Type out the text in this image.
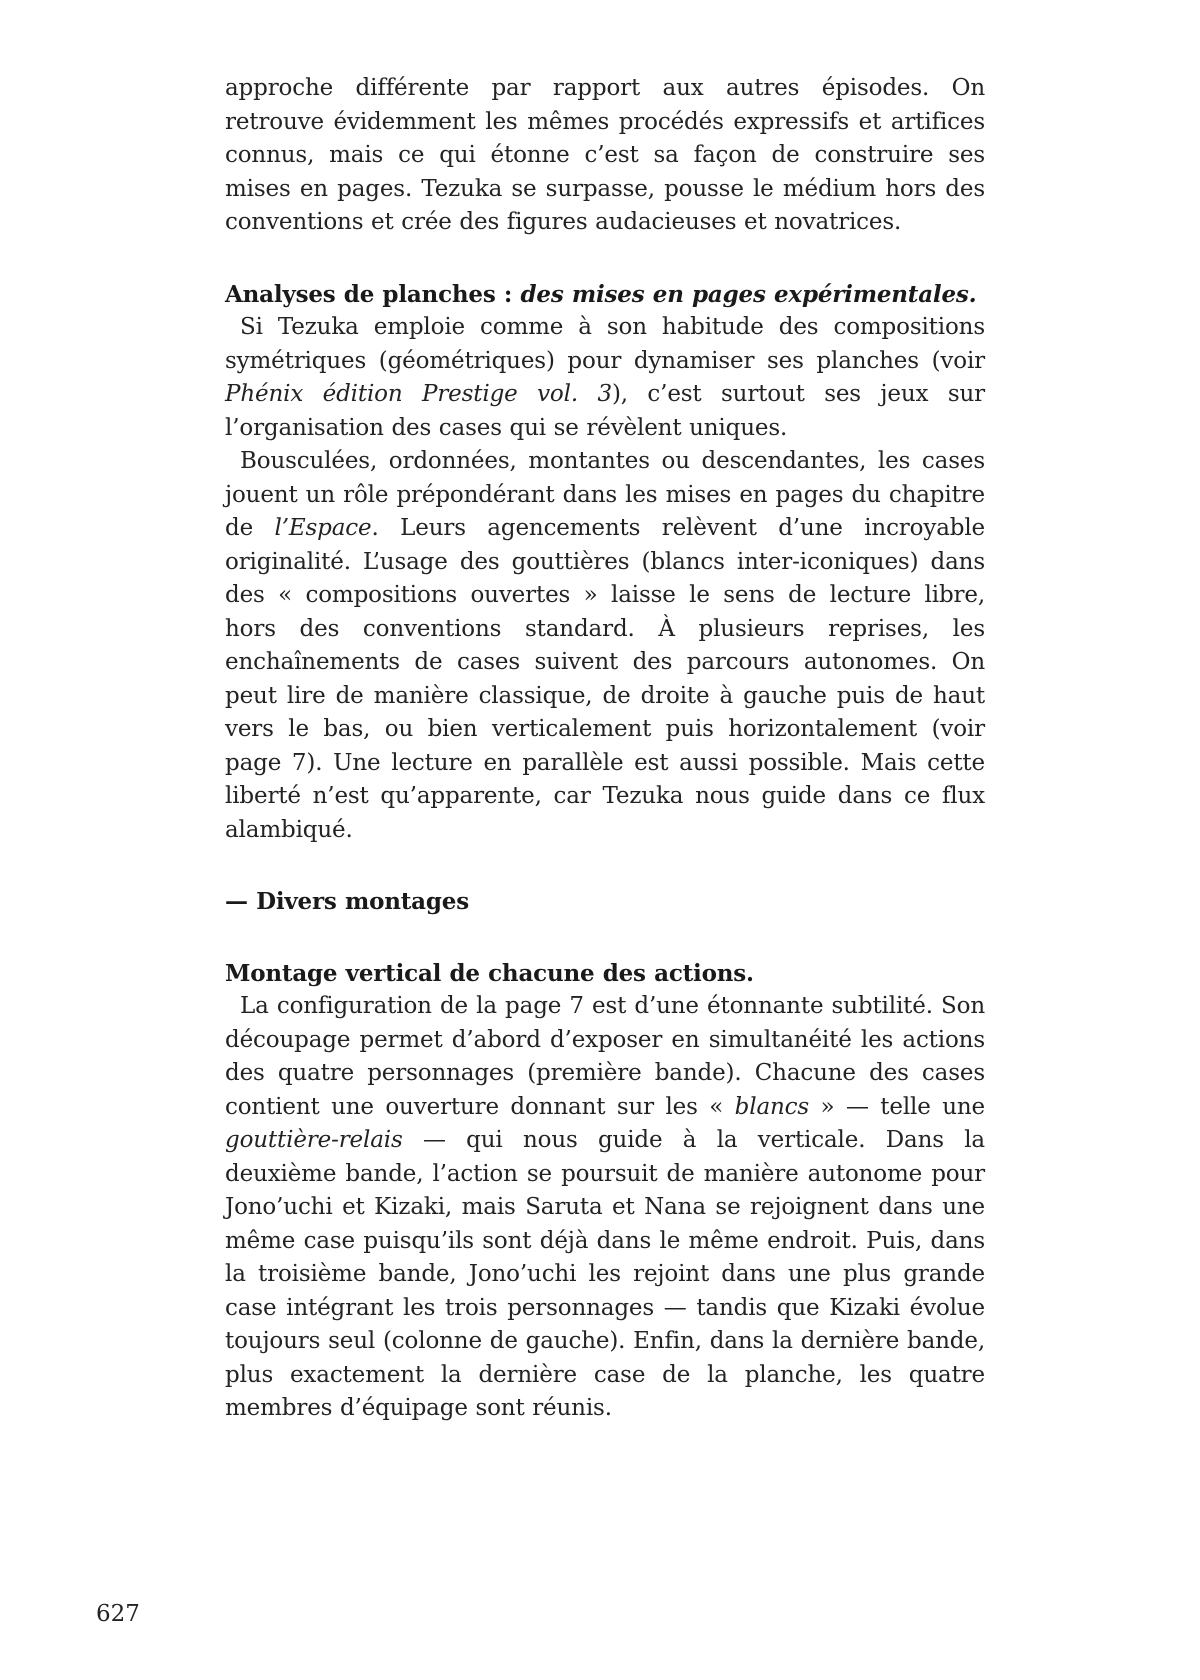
approche différente par rapport aux autres épisodes. On retrouve évidemment les mêmes procédés expressifs et artifices connus, mais ce qui étonne c’est sa façon de construire ses mises en pages. Tezuka se surpasse, pousse le médium hors des conventions et crée des figures audacieuses et novatrices.

Analyses de planches : des mises en pages expérimentales.

Si Tezuka emploie comme à son habitude des compositions symétriques (géométriques) pour dynamiser ses planches (voir Phénix édition Prestige vol. 3), c’est surtout ses jeux sur l’organisation des cases qui se révèlent uniques.

Bousculées, ordonnées, montantes ou descendantes, les cases jouent un rôle prépondérant dans les mises en pages du chapitre de l’Espace. Leurs agencements relèvent d’une incroyable originalité. L’usage des gouttières (blancs inter-iconiques) dans des « compositions ouvertes » laisse le sens de lecture libre, hors des conventions standard. À plusieurs reprises, les enchaînements de cases suivent des parcours autonomes. On peut lire de manière classique, de droite à gauche puis de haut vers le bas, ou bien verticalement puis horizontalement (voir page 7). Une lecture en parallèle est aussi possible. Mais cette liberté n’est qu’apparente, car Tezuka nous guide dans ce flux alambiqué.

— Divers montages
Montage vertical de chacune des actions.

La configuration de la page 7 est d’une étonnante subtilité. Son découpage permet d’abord d’exposer en simultanéité les actions des quatre personnages (première bande). Chacune des cases contient une ouverture donnant sur les « blancs » — telle une gouttière-relais — qui nous guide à la verticale. Dans la deuxième bande, l’action se poursuit de manière autonome pour Jono’uchi et Kizaki, mais Saruta et Nana se rejoignent dans une même case puisqu’ils sont déjà dans le même endroit. Puis, dans la troisième bande, Jono’uchi les rejoint dans une plus grande case intégrant les trois personnages — tandis que Kizaki évolue toujours seul (colonne de gauche). Enfin, dans la dernière bande, plus exactement la dernière case de la planche, les quatre membres d’équipage sont réunis.

627
